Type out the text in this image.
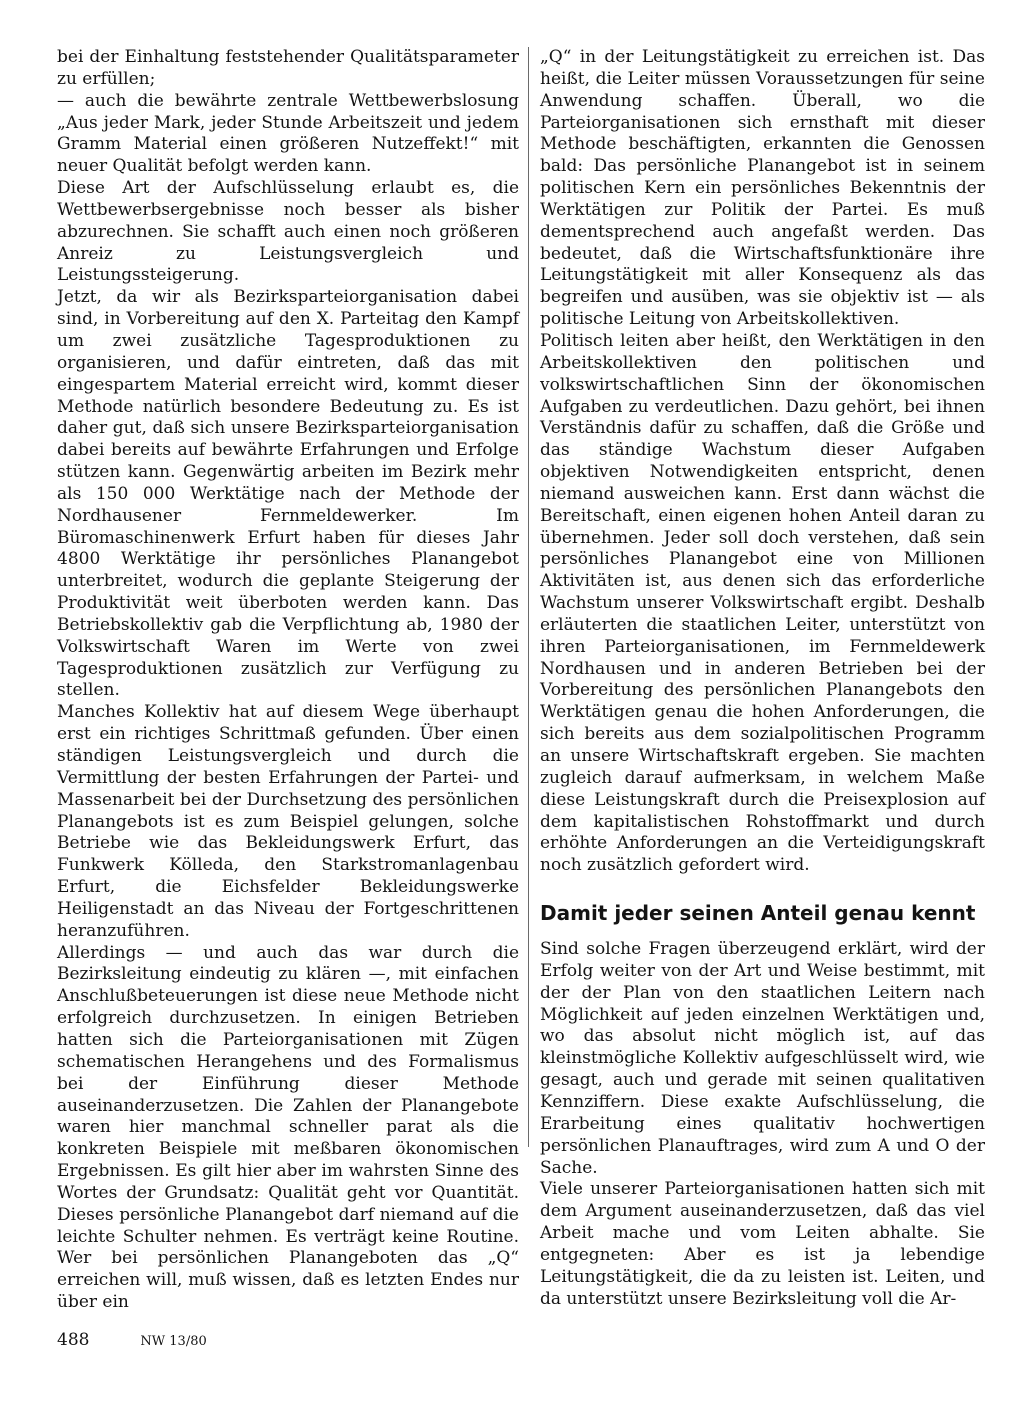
bei der Einhaltung feststehender Qualitätsparameter zu erfüllen;

— auch die bewährte zentrale Wettbewerbslosung „Aus jeder Mark, jeder Stunde Arbeitszeit und jedem Gramm Material einen größeren Nutzeffekt!“ mit neuer Qualität befolgt werden kann.

Diese Art der Aufschlüsselung erlaubt es, die Wettbewerbsergebnisse noch besser als bisher abzurechnen. Sie schafft auch einen noch größeren Anreiz zu Leistungsvergleich und Leistungssteigerung.

Jetzt, da wir als Bezirksparteiorganisation dabei sind, in Vorbereitung auf den X. Parteitag den Kampf um zwei zusätzliche Tagesproduktionen zu organisieren, und dafür eintreten, daß das mit eingespartem Material erreicht wird, kommt dieser Methode natürlich besondere Bedeutung zu. Es ist daher gut, daß sich unsere Bezirksparteiorganisation dabei bereits auf bewährte Erfahrungen und Erfolge stützen kann. Gegenwärtig arbeiten im Bezirk mehr als 150 000 Werktätige nach der Methode der Nordhausener Fernmeldewerker. Im Büromaschinenwerk Erfurt haben für dieses Jahr 4800 Werktätige ihr persönliches Planangebot unterbreitet, wodurch die geplante Steigerung der Produktivität weit überboten werden kann. Das Betriebskollektiv gab die Verpflichtung ab, 1980 der Volkswirtschaft Waren im Werte von zwei Tagesproduktionen zusätzlich zur Verfügung zu stellen.

Manches Kollektiv hat auf diesem Wege überhaupt erst ein richtiges Schrittmaß gefunden. Über einen ständigen Leistungsvergleich und durch die Vermittlung der besten Erfahrungen der Partei- und Massenarbeit bei der Durchsetzung des persönlichen Planangebots ist es zum Beispiel gelungen, solche Betriebe wie das Bekleidungswerk Erfurt, das Funkwerk Kölleda, den Starkstromanlagenbau Erfurt, die Eichsfelder Bekleidungswerke Heiligenstadt an das Niveau der Fortgeschrittenen heranzuführen.

Allerdings — und auch das war durch die Bezirksleitung eindeutig zu klären —, mit einfachen Anschlußbeteuerungen ist diese neue Methode nicht erfolgreich durchzusetzen. In einigen Betrieben hatten sich die Parteiorganisationen mit Zügen schematischen Herangehens und des Formalismus bei der Einführung dieser Methode auseinanderzusetzen. Die Zahlen der Planangebote waren hier manchmal schneller parat als die konkreten Beispiele mit meßbaren ökonomischen Ergebnissen. Es gilt hier aber im wahrsten Sinne des Wortes der Grundsatz: Qualität geht vor Quantität. Dieses persönliche Planangebot darf niemand auf die leichte Schulter nehmen. Es verträgt keine Routine. Wer bei persönlichen Planangeboten das „Q“ erreichen will, muß wissen, daß es letzten Endes nur über ein

„Q“ in der Leitungstätigkeit zu erreichen ist. Das heißt, die Leiter müssen Voraussetzungen für seine Anwendung schaffen. Überall, wo die Parteiorganisationen sich ernsthaft mit dieser Methode beschäftigten, erkannten die Genossen bald: Das persönliche Planangebot ist in seinem politischen Kern ein persönliches Bekenntnis der Werktätigen zur Politik der Partei. Es muß dementsprechend auch angefaßt werden. Das bedeutet, daß die Wirtschaftsfunktionäre ihre Leitungstätigkeit mit aller Konsequenz als das begreifen und ausüben, was sie objektiv ist — als politische Leitung von Arbeitskollektiven.

Politisch leiten aber heißt, den Werktätigen in den Arbeitskollektiven den politischen und volkswirtschaftlichen Sinn der ökonomischen Aufgaben zu verdeutlichen. Dazu gehört, bei ihnen Verständnis dafür zu schaffen, daß die Größe und das ständige Wachstum dieser Aufgaben objektiven Notwendigkeiten entspricht, denen niemand ausweichen kann. Erst dann wächst die Bereitschaft, einen eigenen hohen Anteil daran zu übernehmen. Jeder soll doch verstehen, daß sein persönliches Planangebot eine von Millionen Aktivitäten ist, aus denen sich das erforderliche Wachstum unserer Volkswirtschaft ergibt. Deshalb erläuterten die staatlichen Leiter, unterstützt von ihren Parteiorganisationen, im Fernmeldewerk Nordhausen und in anderen Betrieben bei der Vorbereitung des persönlichen Planangebots den Werktätigen genau die hohen Anforderungen, die sich bereits aus dem sozialpolitischen Programm an unsere Wirtschaftskraft ergeben. Sie machten zugleich darauf aufmerksam, in welchem Maße diese Leistungskraft durch die Preisexplosion auf dem kapitalistischen Rohstoffmarkt und durch erhöhte Anforderungen an die Verteidigungskraft noch zusätzlich gefordert wird.

Damit jeder seinen Anteil genau kennt

Sind solche Fragen überzeugend erklärt, wird der Erfolg weiter von der Art und Weise bestimmt, mit der der Plan von den staatlichen Leitern nach Möglichkeit auf jeden einzelnen Werktätigen und, wo das absolut nicht möglich ist, auf das kleinstmögliche Kollektiv aufgeschlüsselt wird, wie gesagt, auch und gerade mit seinen qualitativen Kennziffern. Diese exakte Aufschlüsselung, die Erarbeitung eines qualitativ hochwertigen persönlichen Planauftrages, wird zum A und O der Sache.

Viele unserer Parteiorganisationen hatten sich mit dem Argument auseinanderzusetzen, daß das viel Arbeit mache und vom Leiten abhalte. Sie entgegneten: Aber es ist ja lebendige Leitungstätigkeit, die da zu leisten ist. Leiten, und da unterstützt unsere Bezirksleitung voll die Ar-

488	NW 13/80
